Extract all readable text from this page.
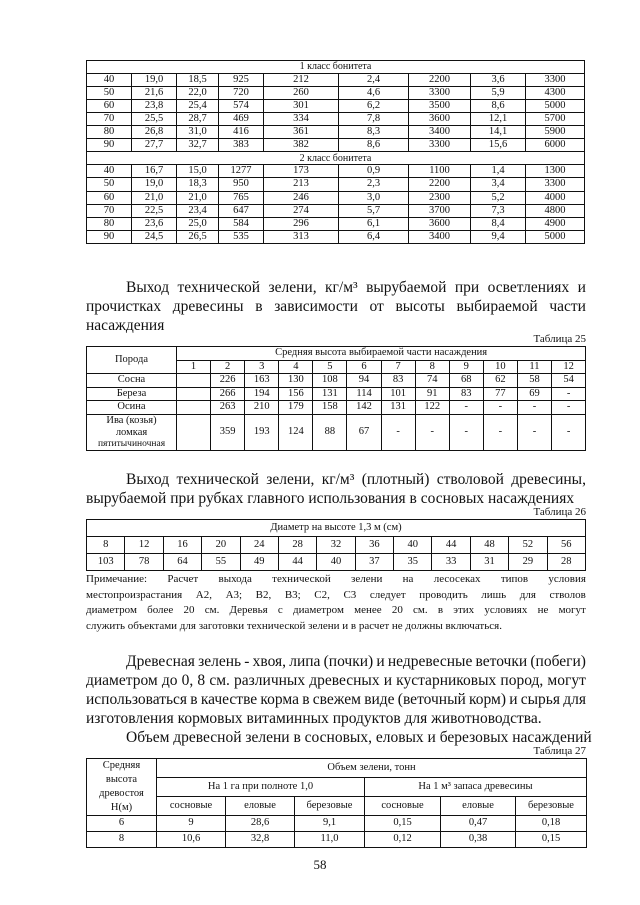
1 класс бонитета								
40	19,0	18,5	925	212	2,4	2200	3,6	3300
50	21,6	22,0	720	260	4,6	3300	5,9	4300
60	23,8	25,4	574	301	6,2	3500	8,6	5000
70	25,5	28,7	469	334	7,8	3600	12,1	5700
80	26,8	31,0	416	361	8,3	3400	14,1	5900
90	27,7	32,7	383	382	8,6	3300	15,6	6000
2 класс бонитета								
40	16,7	15,0	1277	173	0,9	1100	1,4	1300
50	19,0	18,3	950	213	2,3	2200	3,4	3300
60	21,0	21,0	765	246	3,0	2300	5,2	4000
70	22,5	23,4	647	274	5,7	3700	7,3	4800
80	23,6	25,0	584	296	6,1	3600	8,4	4900
90	24,5	26,5	535	313	6,4	3400	9,4	5000
Выход технической зелени, кг/м³ вырубаемой при осветлениях и
прочистках древесины в зависимости от высоты выбираемой части
насаждения
Таблица 25
Порода	Средняя высота выбираемой части насаждения											
	1	2	3	4	5	6	7	8	9	10	11	12
Сосна		226	163	130	108	94	83	74	68	62	58	54
Береза		266	194	156	131	114	101	91	83	77	69	-
Осина		263	210	179	158	142	131	122	-	-	-	-

Ива (козья)
ломкая
пятитычиночная		359	193	124	88	67	-	-	-	-	-	-
Выход технической зелени, кг/м³ (плотный) стволовой древесины,
вырубаемой при рубках главного использования в сосновых насаждениях
Таблица 26
Диаметр на высоте 1,3 м (см)												
8	12	16	20	24	28	32	36	40	44	48	52	56
103	78	64	55	49	44	40	37	35	33	31	29	28
Примечание: Расчет выхода технической зелени на лесосеках типов условия
местопроизрастания А2, А3; В2, В3; С2, С3 следует проводить лишь для стволов
диаметром более 20 см. Деревья с диаметром менее 20 см. в этих условиях не могут
служить объектами для заготовки технической зелени и в расчет не должны включаться.
Древесная зелень - хвоя, липа (почки) и недревесные веточки (побеги)
диаметром до 0, 8 см. различных древесных и кустарниковых пород, могут
использоваться в качестве корма в свежем виде (веточный корм) и сырья для
изготовления кормовых витаминных продуктов для животноводства.
Объем древесной зелени в сосновых, еловых и березовых насаждений
Таблица 27
Средняя
высота
древостоя
Н(м)	Объем зелени, тонн					
	На 1 га при полноте 1,0			На 1 м³ запаса древесины		
	сосновые	еловые	березовые	сосновые	еловые	березовые
6	9	28,6	9,1	0,15	0,47	0,18
8	10,6	32,8	11,0	0,12	0,38	0,15
58
